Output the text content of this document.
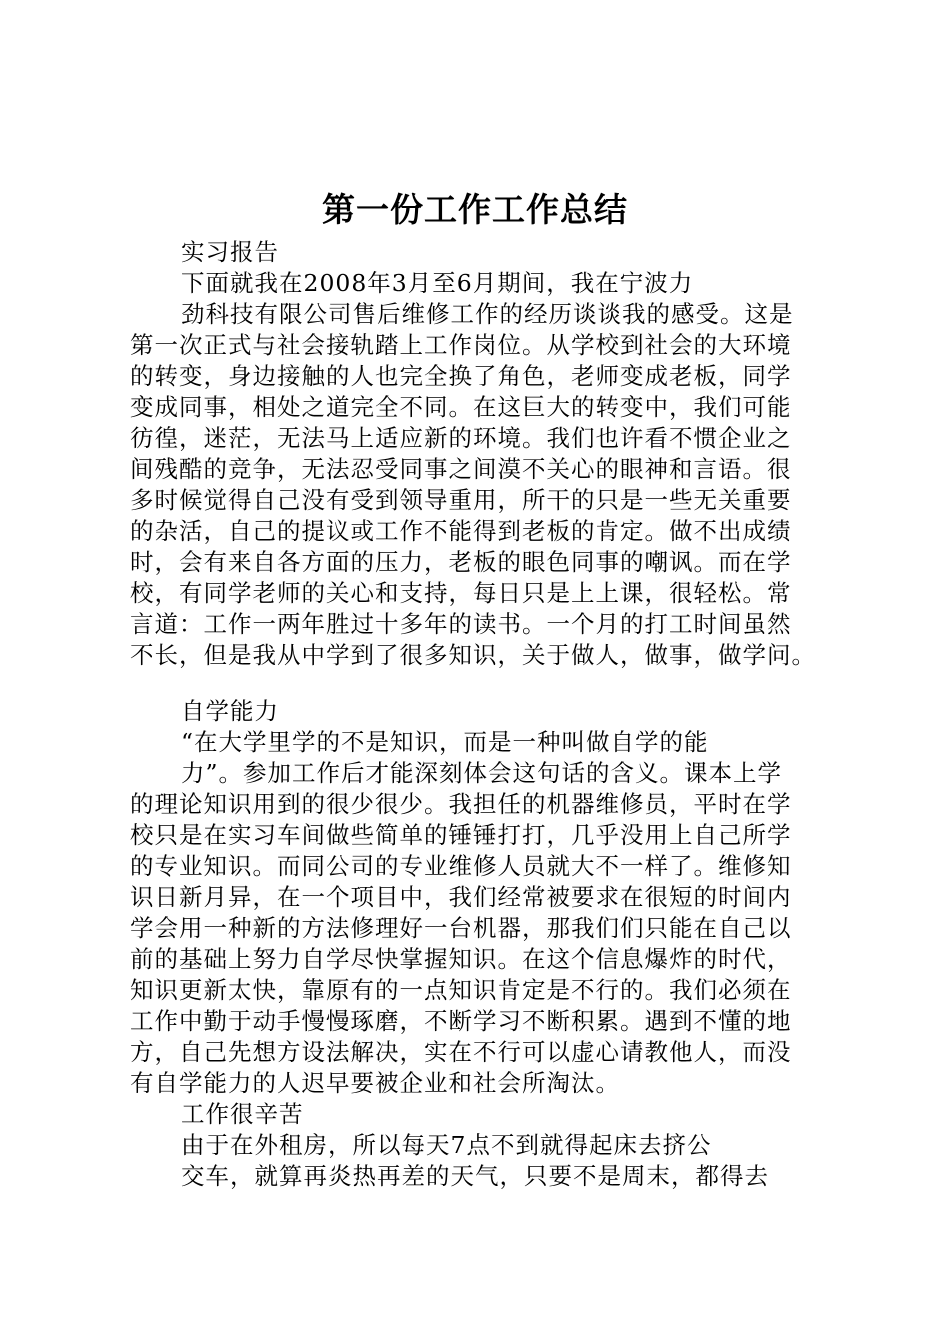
第一份工作工作总结
实习报告
下面就我在2008年3月至6月期间，我在宁波力
劲科技有限公司售后维修工作的经历谈谈我的感受。这是
第一次正式与社会接轨踏上工作岗位。从学校到社会的大环境
的转变，身边接触的人也完全换了角色，老师变成老板，同学
变成同事，相处之道完全不同。在这巨大的转变中，我们可能
彷徨，迷茫，无法马上适应新的环境。我们也许看不惯企业之
间残酷的竞争，无法忍受同事之间漠不关心的眼神和言语。很
多时候觉得自己没有受到领导重用，所干的只是一些无关重要
的杂活，自己的提议或工作不能得到老板的肯定。做不出成绩
时，会有来自各方面的压力，老板的眼色同事的嘲讽。而在学
校，有同学老师的关心和支持，每日只是上上课，很轻松。常
言道：工作一两年胜过十多年的读书。一个月的打工时间虽然
不长，但是我从中学到了很多知识，关于做人，做事，做学问。
自学能力
“在大学里学的不是知识，而是一种叫做自学的能
力”。参加工作后才能深刻体会这句话的含义。课本上学
的理论知识用到的很少很少。我担任的机器维修员，平时在学
校只是在实习车间做些简单的锤锤打打，几乎没用上自己所学
的专业知识。而同公司的专业维修人员就大不一样了。维修知
识日新月异，在一个项目中，我们经常被要求在很短的时间内
学会用一种新的方法修理好一台机器，那我们们只能在自己以
前的基础上努力自学尽快掌握知识。在这个信息爆炸的时代，
知识更新太快，靠原有的一点知识肯定是不行的。我们必须在
工作中勤于动手慢慢琢磨，不断学习不断积累。遇到不懂的地
方，自己先想方设法解决，实在不行可以虚心请教他人，而没
有自学能力的人迟早要被企业和社会所淘汰。
工作很辛苦
由于在外租房，所以每天7点不到就得起床去挤公
交车，就算再炎热再差的天气，只要不是周末，都得去
